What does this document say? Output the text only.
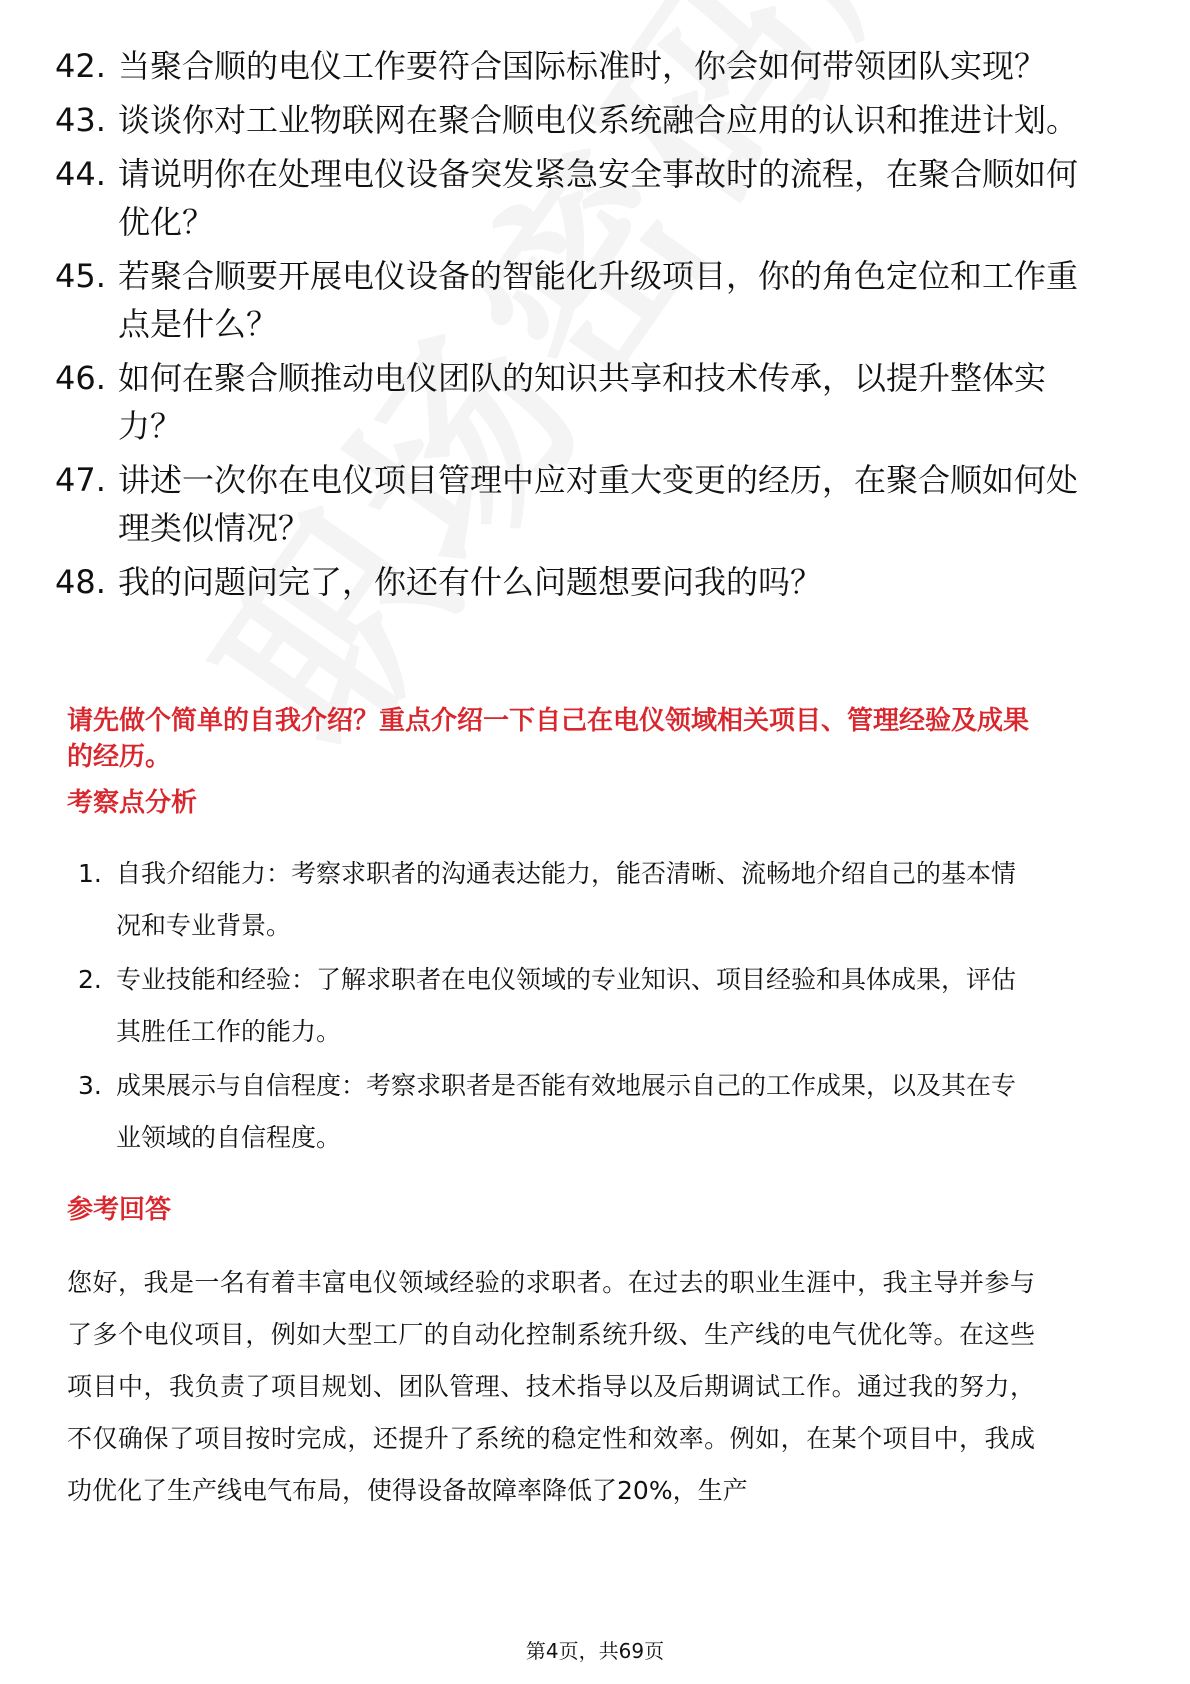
42. 当聚合顺的电仪工作要符合国际标准时，你会如何带领团队实现？
43. 谈谈你对工业物联网在聚合顺电仪系统融合应用的认识和推进计划。
44. 请说明你在处理电仪设备突发紧急安全事故时的流程，在聚合顺如何优化？
45. 若聚合顺要开展电仪设备的智能化升级项目，你的角色定位和工作重点是什么？
46. 如何在聚合顺推动电仪团队的知识共享和技术传承，以提升整体实力？
47. 讲述一次你在电仪项目管理中应对重大变更的经历，在聚合顺如何处理类似情况？
48. 我的问题问完了，你还有什么问题想要问我的吗？
请先做个简单的自我介绍？重点介绍一下自己在电仪领域相关项目、管理经验及成果的经历。
考察点分析
1. 自我介绍能力：考察求职者的沟通表达能力，能否清晰、流畅地介绍自己的基本情况和专业背景。
2. 专业技能和经验：了解求职者在电仪领域的专业知识、项目经验和具体成果，评估其胜任工作的能力。
3. 成果展示与自信程度：考察求职者是否能有效地展示自己的工作成果，以及其在专业领域的自信程度。
参考回答
您好，我是一名有着丰富电仪领域经验的求职者。在过去的职业生涯中，我主导并参与了多个电仪项目，例如大型工厂的自动化控制系统升级、生产线的电气优化等。在这些项目中，我负责了项目规划、团队管理、技术指导以及后期调试工作。通过我的努力，不仅确保了项目按时完成，还提升了系统的稳定性和效率。例如，在某个项目中，我成功优化了生产线电气布局，使得设备故障率降低了20%，生产
第4页，共69页
